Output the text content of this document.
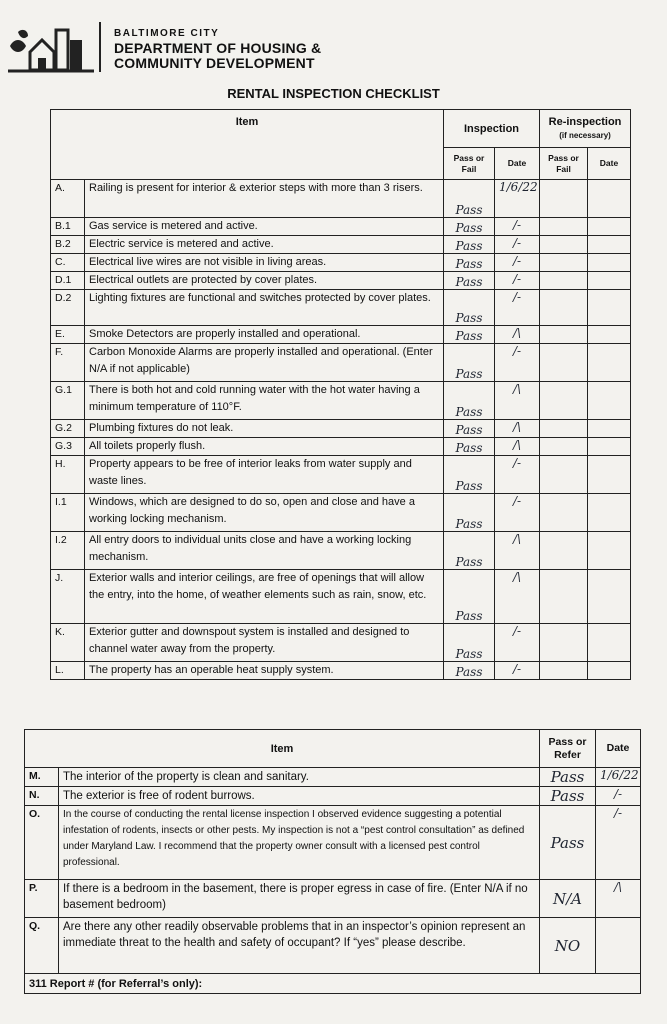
BALTIMORE CITY
DEPARTMENT OF HOUSING &
COMMUNITY DEVELOPMENT
RENTAL INSPECTION CHECKLIST
Item		Inspection		Re-inspection
(if necessary)	

		Pass or Fail	Date	Pass or Fail	Date
A.	Railing is present for interior & exterior steps with more than 3 risers.	Pass	1/6/22		
B.1	Gas service is metered and active.	Pass	/-		
B.2	Electric service is metered and active.	Pass	/-		
C.	Electrical live wires are not visible in living areas.	Pass	/-		
D.1	Electrical outlets are protected by cover plates.	Pass	/-		
D.2	Lighting fixtures are functional and switches protected by cover plates.	Pass	/-		
E.	Smoke Detectors are properly installed and operational.	Pass	/\		
F.	Carbon Monoxide Alarms are properly installed and operational. (Enter N/A if not applicable)	Pass	/-		
G.1	There is both hot and cold running water with the hot water having a minimum temperature of 110°F.	Pass	/\		
G.2	Plumbing fixtures do not leak.	Pass	/\		
G.3	All toilets properly flush.	Pass	/\		
H.	Property appears to be free of interior leaks from water supply and waste lines.	Pass	/-		
I.1	Windows, which are designed to do so, open and close and have a working locking mechanism.	Pass	/-		
I.2	All entry doors to individual units close and have a working locking mechanism.	Pass	/\		
J.	Exterior walls and interior ceilings, are free of openings that will allow the entry, into the home, of weather elements such as rain, snow, etc.	Pass	/\		
K.	Exterior gutter and downspout system is installed and designed to channel water away from the property.	Pass	/-		
L.	The property has an operable heat supply system.	Pass	/-		
Item		Pass or Refer	Date
M.	The interior of the property is clean and sanitary.	Pass	1/6/22
N.	The exterior is free of rodent burrows.	Pass	/-
O.	In the course of conducting the rental license inspection I observed evidence suggesting a potential infestation of rodents, insects or other pests. My inspection is not a “pest control consultation” as defined under Maryland Law. I recommend that the property owner consult with a licensed pest control professional.	Pass	/-
P.	If there is a bedroom in the basement, there is proper egress in case of fire. (Enter N/A if no basement bedroom)	N/A	/\
Q.	Are there any other readily observable problems that in an inspector’s opinion represent an immediate threat to the health and safety of occupant? If “yes” please describe.	NO	
311 Report # (for Referral’s only):			
